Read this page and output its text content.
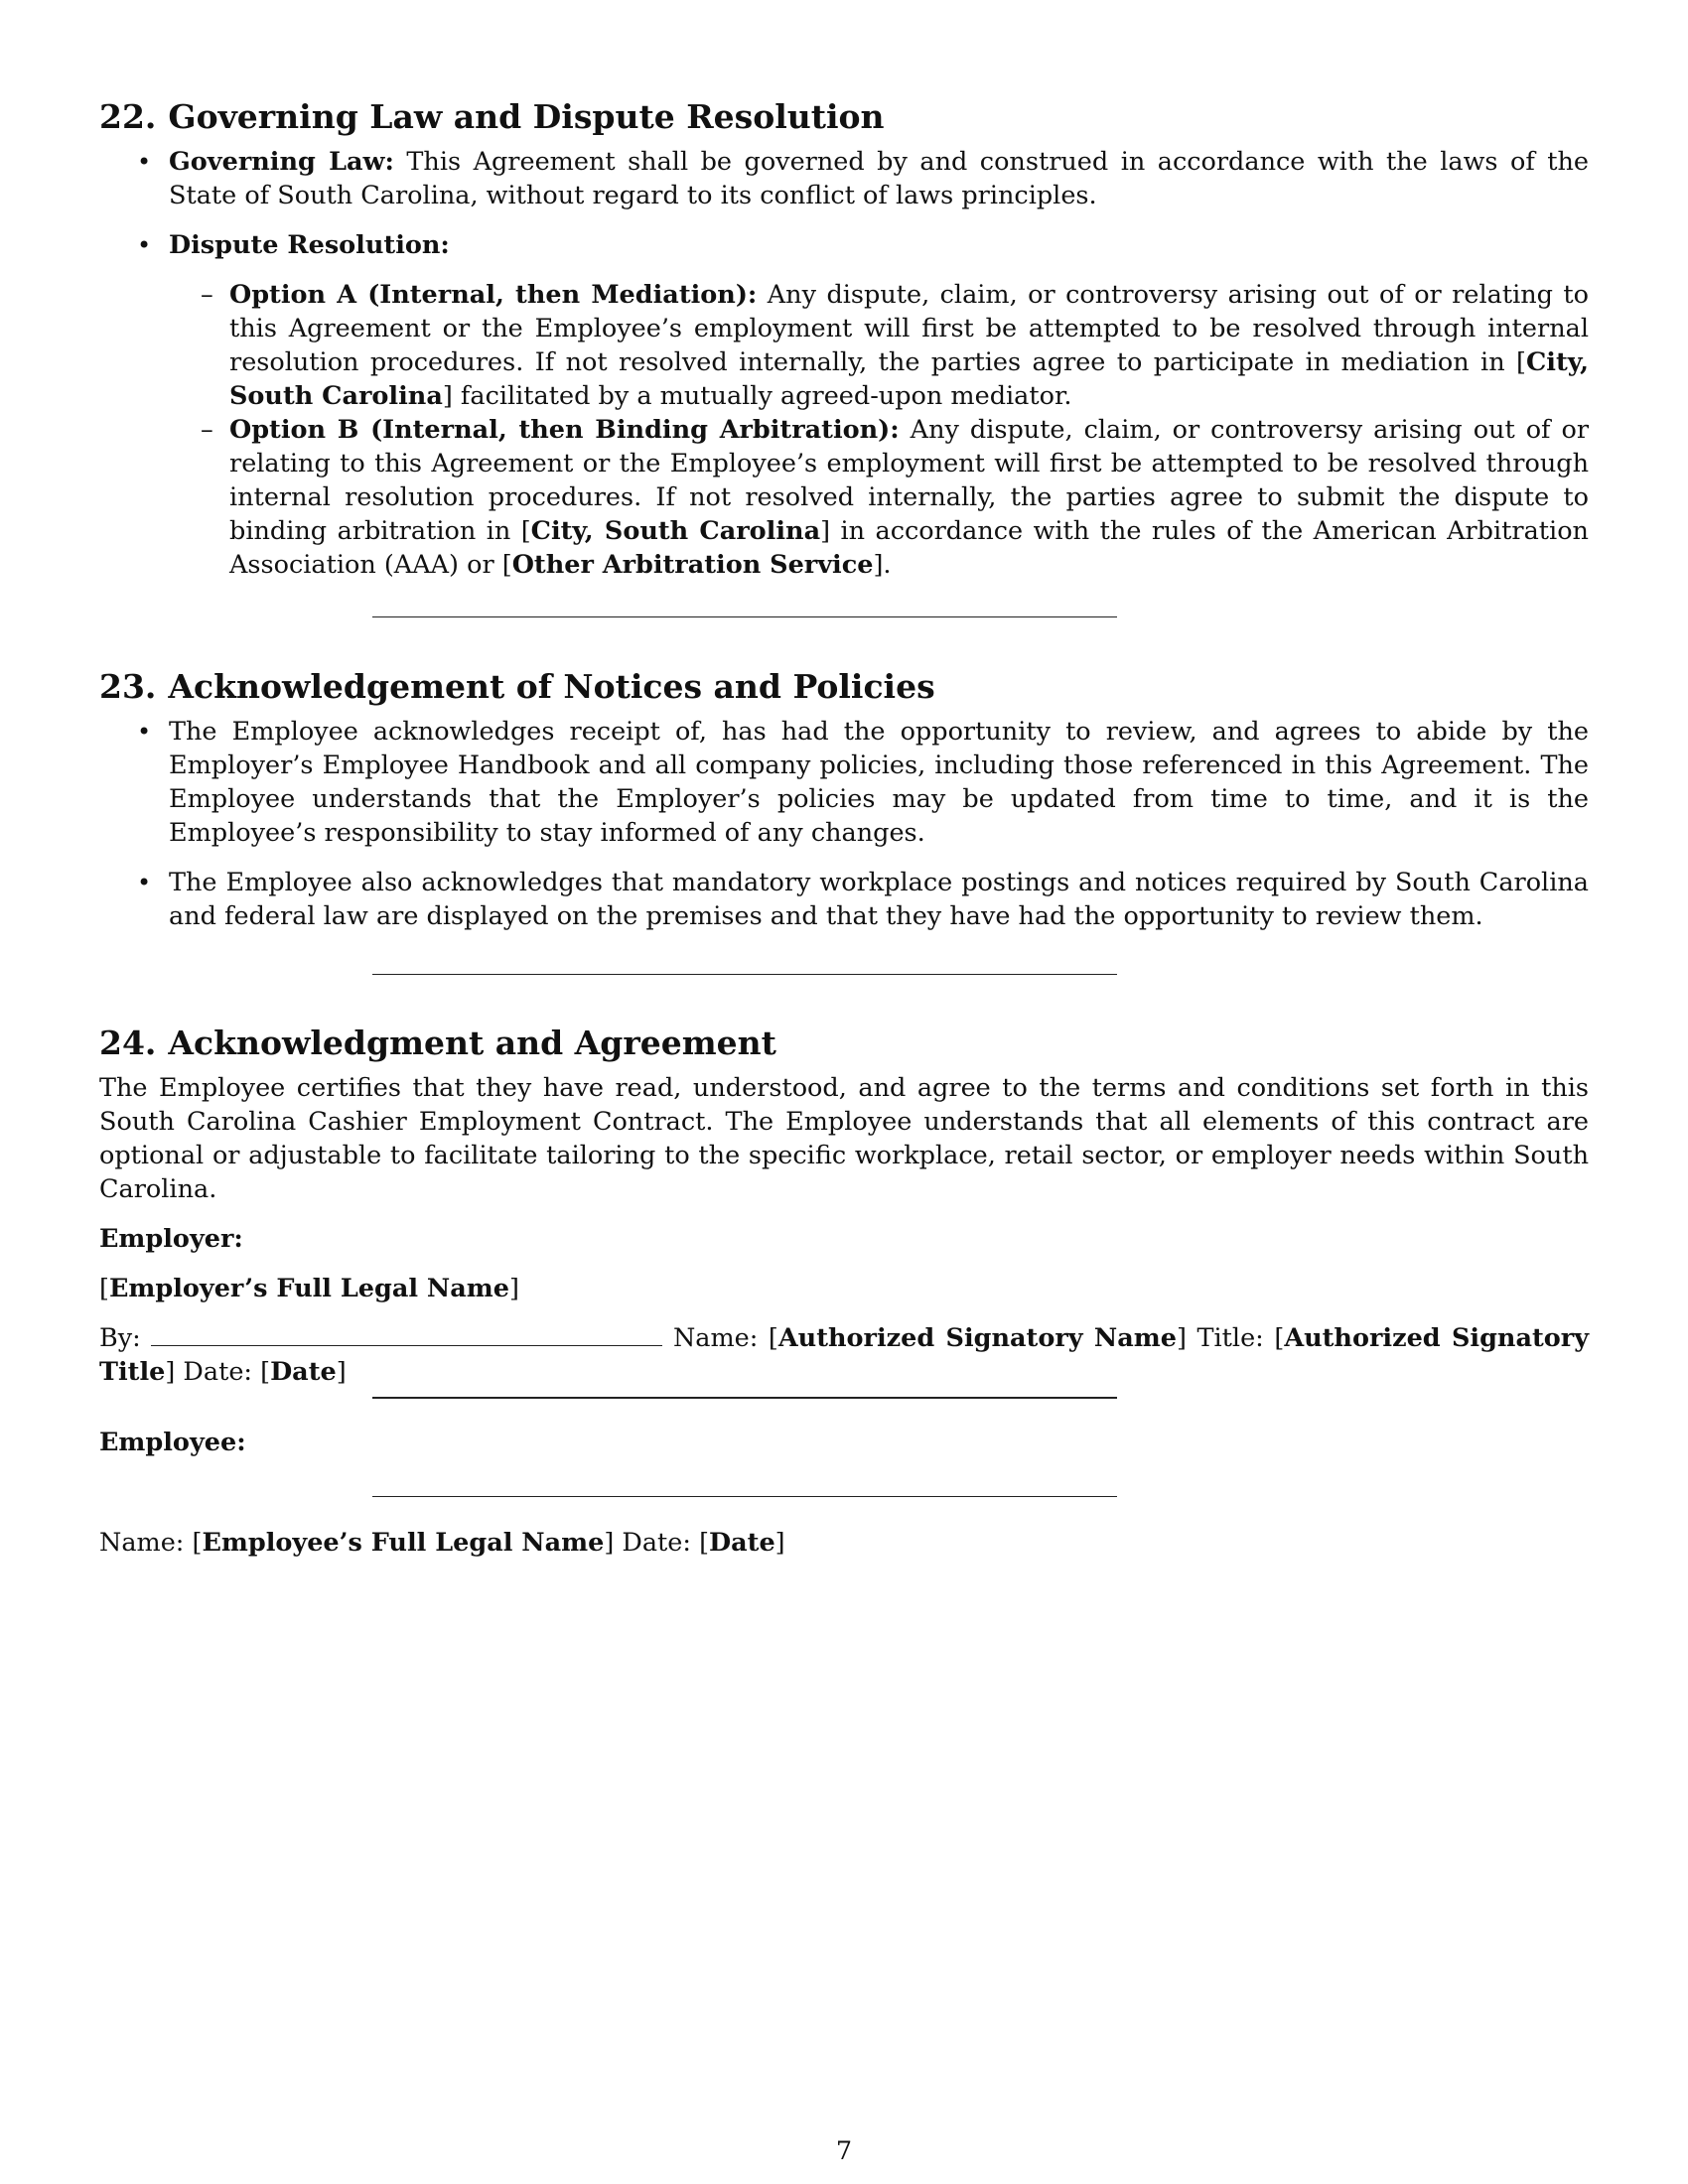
22. Governing Law and Dispute Resolution
• Governing Law: This Agreement shall be governed by and construed in accordance with the laws of the State of South Carolina, without regard to its conflict of laws principles.
• Dispute Resolution:
– Option A (Internal, then Mediation): Any dispute, claim, or controversy arising out of or relating to this Agreement or the Employee’s employment will first be attempted to be resolved through internal resolution procedures. If not resolved internally, the parties agree to participate in mediation in [City, South Carolina] facilitated by a mutually agreed-upon mediator.
– Option B (Internal, then Binding Arbitration): Any dispute, claim, or controversy arising out of or relating to this Agreement or the Employee’s employment will first be attempted to be resolved through internal resolution procedures. If not resolved internally, the parties agree to submit the dispute to binding arbitration in [City, South Carolina] in accordance with the rules of the American Arbitration Association (AAA) or [Other Arbitration Service].
23. Acknowledgement of Notices and Policies
• The Employee acknowledges receipt of, has had the opportunity to review, and agrees to abide by the Employer’s Employee Handbook and all company policies, including those referenced in this Agreement. The Employee understands that the Employer’s policies may be updated from time to time, and it is the Employee’s responsibility to stay informed of any changes.
• The Employee also acknowledges that mandatory workplace postings and notices required by South Carolina and federal law are displayed on the premises and that they have had the opportunity to review them.
24. Acknowledgment and Agreement
The Employee certifies that they have read, understood, and agree to the terms and conditions set forth in this South Carolina Cashier Employment Contract. The Employee understands that all elements of this contract are optional or adjustable to facilitate tailoring to the specific workplace, retail sector, or employer needs within South Carolina.
Employer:
[Employer’s Full Legal Name]
By:	Name: [Authorized Signatory Name] Title: [Authorized Signatory Title] Date: [Date]
Employee:
Name: [Employee’s Full Legal Name] Date: [Date]
7
